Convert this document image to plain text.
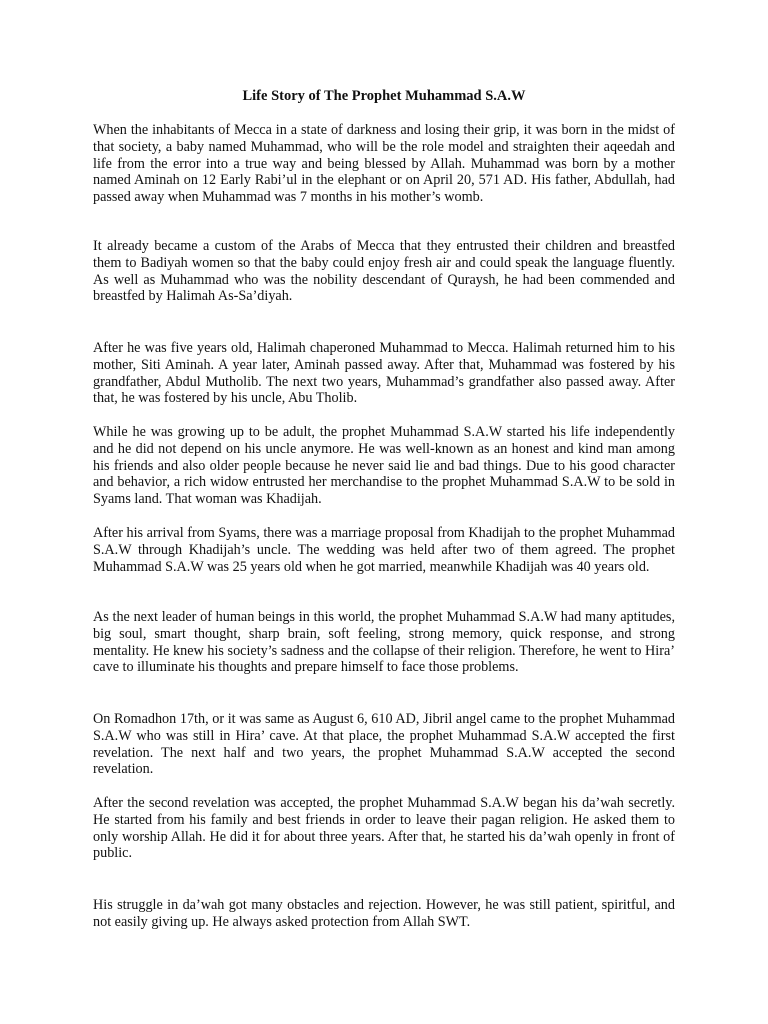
Life Story of The Prophet Muhammad S.A.W

When the inhabitants of Mecca in a state of darkness and losing their grip, it was born in the midst of that society, a baby named Muhammad, who will be the role model and straighten their aqeedah and life from the error into a true way and being blessed by Allah. Muhammad was born by a mother named Aminah on 12 Early Rabi’ul in the elephant or on April 20, 571 AD. His father, Abdullah, had passed away when Muhammad was 7 months in his mother’s womb.

It already became a custom of the Arabs of Mecca that they entrusted their children and breastfed them to Badiyah women so that the baby could enjoy fresh air and could speak the language fluently. As well as Muhammad who was the nobility descendant of Quraysh, he had been commended and breastfed by Halimah As-Sa’diyah.

After he was five years old, Halimah chaperoned Muhammad to Mecca. Halimah returned him to his mother, Siti Aminah. A year later, Aminah passed away. After that, Muhammad was fostered by his grandfather, Abdul Mutholib. The next two years, Muhammad’s grandfather also passed away. After that, he was fostered by his uncle, Abu Tholib.

While he was growing up to be adult, the prophet Muhammad S.A.W started his life independently and he did not depend on his uncle anymore. He was well-known as an honest and kind man among his friends and also older people because he never said lie and bad things. Due to his good character and behavior, a rich widow entrusted her merchandise to the prophet Muhammad S.A.W to be sold in Syams land. That woman was Khadijah.

After his arrival from Syams, there was a marriage proposal from Khadijah to the prophet Muhammad S.A.W through Khadijah’s uncle. The wedding was held after two of them agreed. The prophet Muhammad S.A.W was 25 years old when he got married, meanwhile Khadijah was 40 years old.

As the next leader of human beings in this world, the prophet Muhammad S.A.W had many aptitudes, big soul, smart thought, sharp brain, soft feeling, strong memory, quick response, and strong mentality. He knew his society’s sadness and the collapse of their religion. Therefore, he went to Hira’ cave to illuminate his thoughts and prepare himself to face those problems.

On Romadhon 17th, or it was same as August 6, 610 AD, Jibril angel came to the prophet Muhammad S.A.W who was still in Hira’ cave. At that place, the prophet Muhammad S.A.W accepted the first revelation. The next half and two years, the prophet Muhammad S.A.W accepted the second revelation.

After the second revelation was accepted, the prophet Muhammad S.A.W began his da’wah secretly. He started from his family and best friends in order to leave their pagan religion. He asked them to only worship Allah. He did it for about three years. After that, he started his da’wah openly in front of public.

His struggle in da’wah got many obstacles and rejection. However, he was still patient, spiritful, and not easily giving up. He always asked protection from Allah SWT.
